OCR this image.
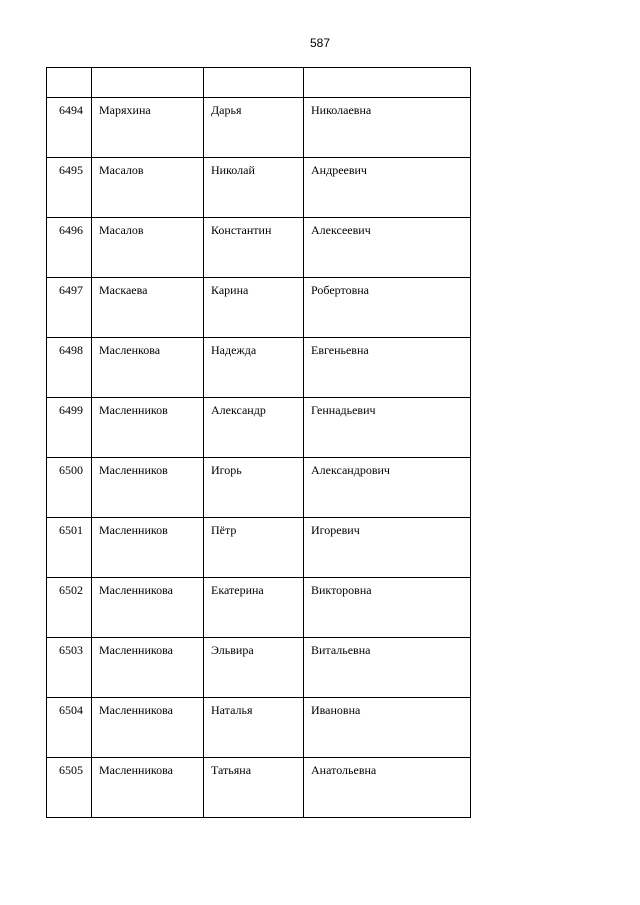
587

6494	Маряхина	Дарья	Николаевна
6495	Масалов	Николай	Андреевич
6496	Масалов	Константин	Алексеевич
6497	Маскаева	Карина	Робертовна
6498	Масленкова	Надежда	Евгеньевна
6499	Масленников	Александр	Геннадьевич
6500	Масленников	Игорь	Александрович
6501	Масленников	Пётр	Игоревич
6502	Масленникова	Екатерина	Викторовна
6503	Масленникова	Эльвира	Витальевна
6504	Масленникова	Наталья	Ивановна
6505	Масленникова	Татьяна	Анатольевна
